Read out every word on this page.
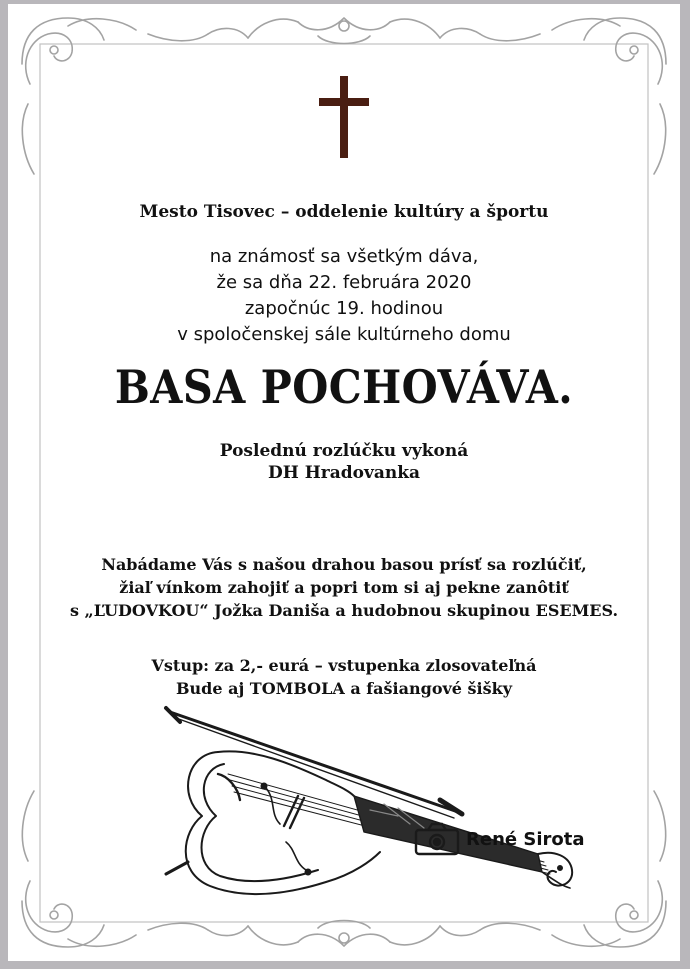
Mesto Tisovec – oddelenie kultúry a športu
na známosť sa všetkým dáva,
že sa dňa 22. februára 2020
započnúc 19. hodinou
v spoločenskej sále kultúrneho domu
BASA POCHOVÁVA.
Poslednú rozlúčku vykoná
DH Hradovanka
Nabádame Vás s našou drahou basou prísť sa rozlúčiť,
žiaľ vínkom zahojiť a popri tom si aj pekne zanôtiť
s „ĽUDOVKOU“ Jožka Daniša a hudobnou skupinou ESEMES.
Vstup: za 2,- eurá – vstupenka zlosovateľná
Bude aj TOMBOLA a fašiangové šišky
René Sirota
